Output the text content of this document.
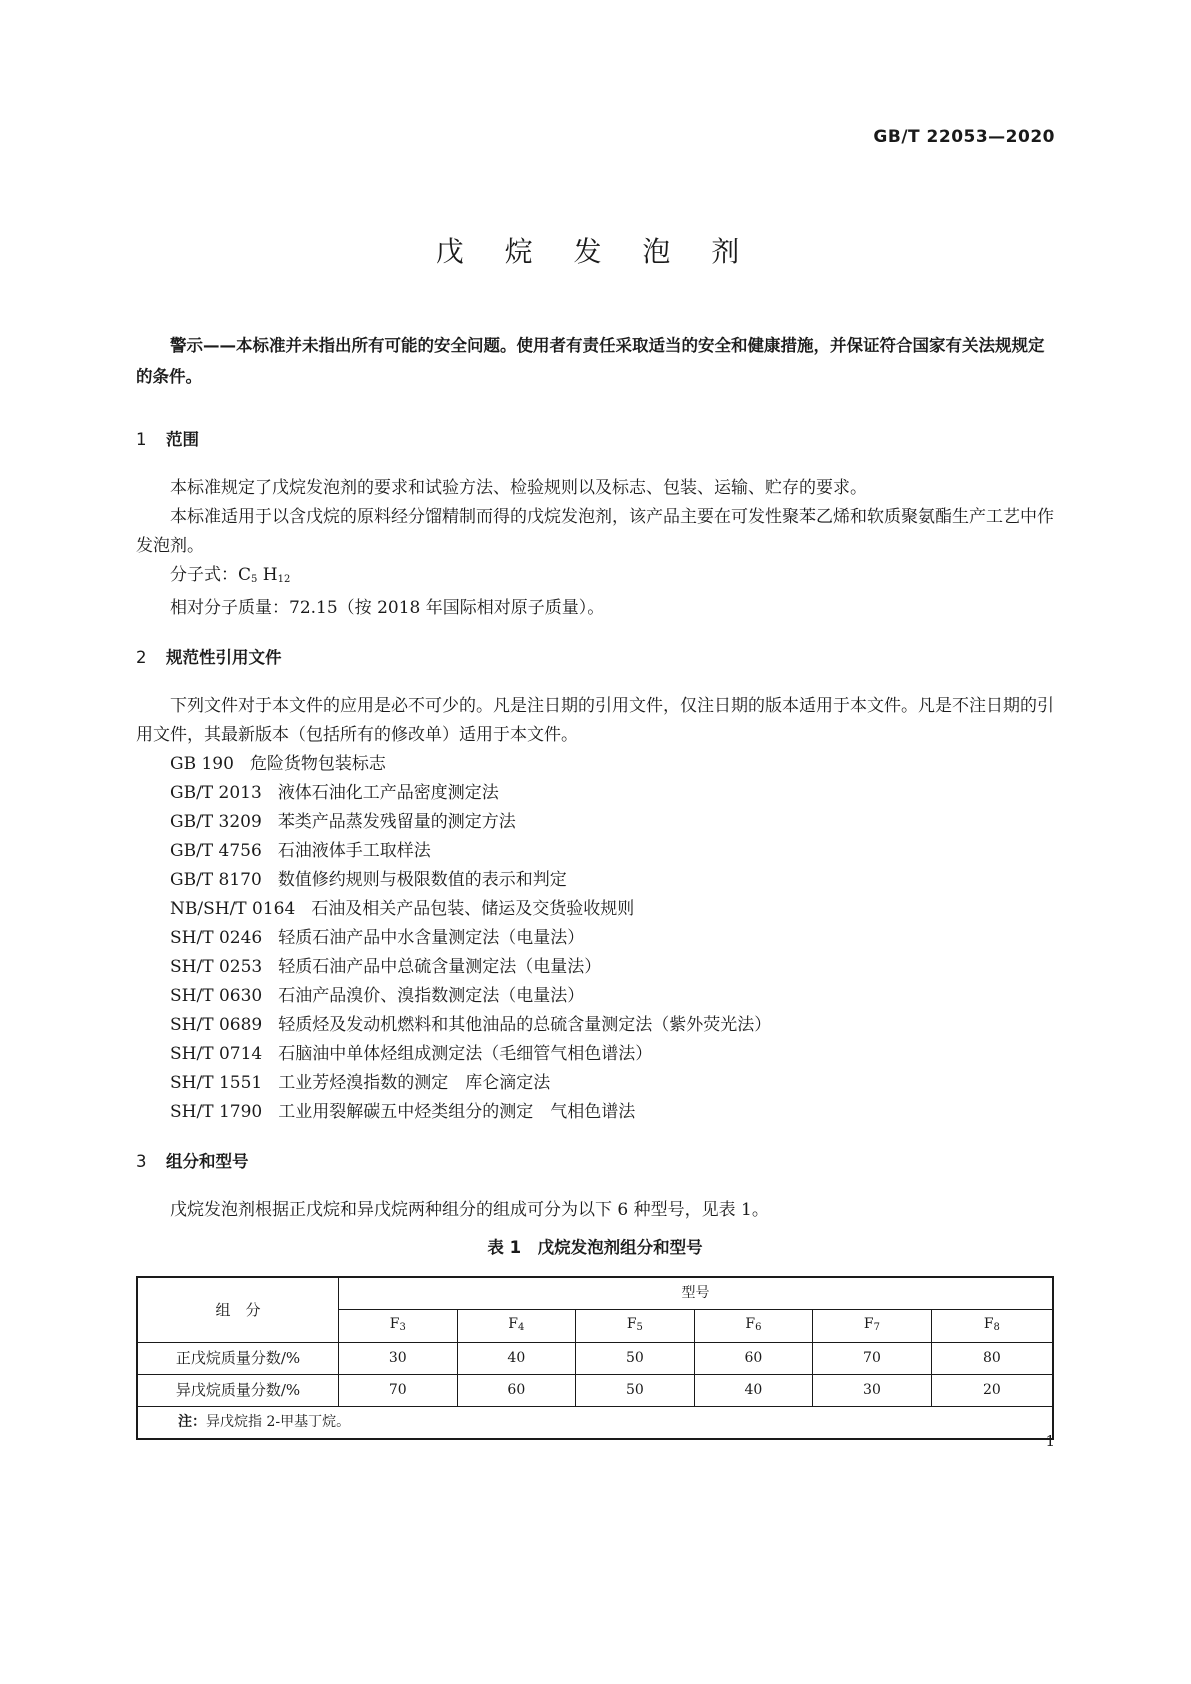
GB/T 22053—2020
戊 烷 发 泡 剂

警示——本标准并未指出所有可能的安全问题。使用者有责任采取适当的安全和健康措施，并保证符合国家有关法规规定的条件。

1 范围

本标准规定了戊烷发泡剂的要求和试验方法、检验规则以及标志、包装、运输、贮存的要求。

本标准适用于以含戊烷的原料经分馏精制而得的戊烷发泡剂，该产品主要在可发性聚苯乙烯和软质聚氨酯生产工艺中作发泡剂。

分子式：$C_5$ $H_{12}$

相对分子质量：72.15（按 2018 年国际相对原子质量）。

2 规范性引用文件

下列文件对于本文件的应用是必不可少的。凡是注日期的引用文件，仅注日期的版本适用于本文件。凡是不注日期的引用文件，其最新版本（包括所有的修改单）适用于本文件。

GB 190 危险货物包装标志

GB/T 2013 液体石油化工产品密度测定法

GB/T 3209 苯类产品蒸发残留量的测定方法

GB/T 4756 石油液体手工取样法

GB/T 8170 数值修约规则与极限数值的表示和判定

NB/SH/T 0164 石油及相关产品包装、储运及交货验收规则

SH/T 0246 轻质石油产品中水含量测定法（电量法）

SH/T 0253 轻质石油产品中总硫含量测定法（电量法）

SH/T 0630 石油产品溴价、溴指数测定法（电量法）

SH/T 0689 轻质烃及发动机燃料和其他油品的总硫含量测定法（紫外荧光法）

SH/T 0714 石脑油中单体烃组成测定法（毛细管气相色谱法）

SH/T 1551 工业芳烃溴指数的测定　库仑滴定法

SH/T 1790 工业用裂解碳五中烃类组分的测定　气相色谱法

3 组分和型号

戊烷发泡剂根据正戊烷和异戊烷两种组分的组成可分为以下 6 种型号，见表 1。

表 1　戊烷发泡剂组分和型号

组　分	型号					
	$F_3$	$F_4$	$F_5$	$F_6$	$F_7$	$F_8$
正戊烷质量分数/%	30	40	50	60	70	80
异戊烷质量分数/%	70	60	50	40	30	20
注：异戊烷指 2-甲基丁烷。						
1
